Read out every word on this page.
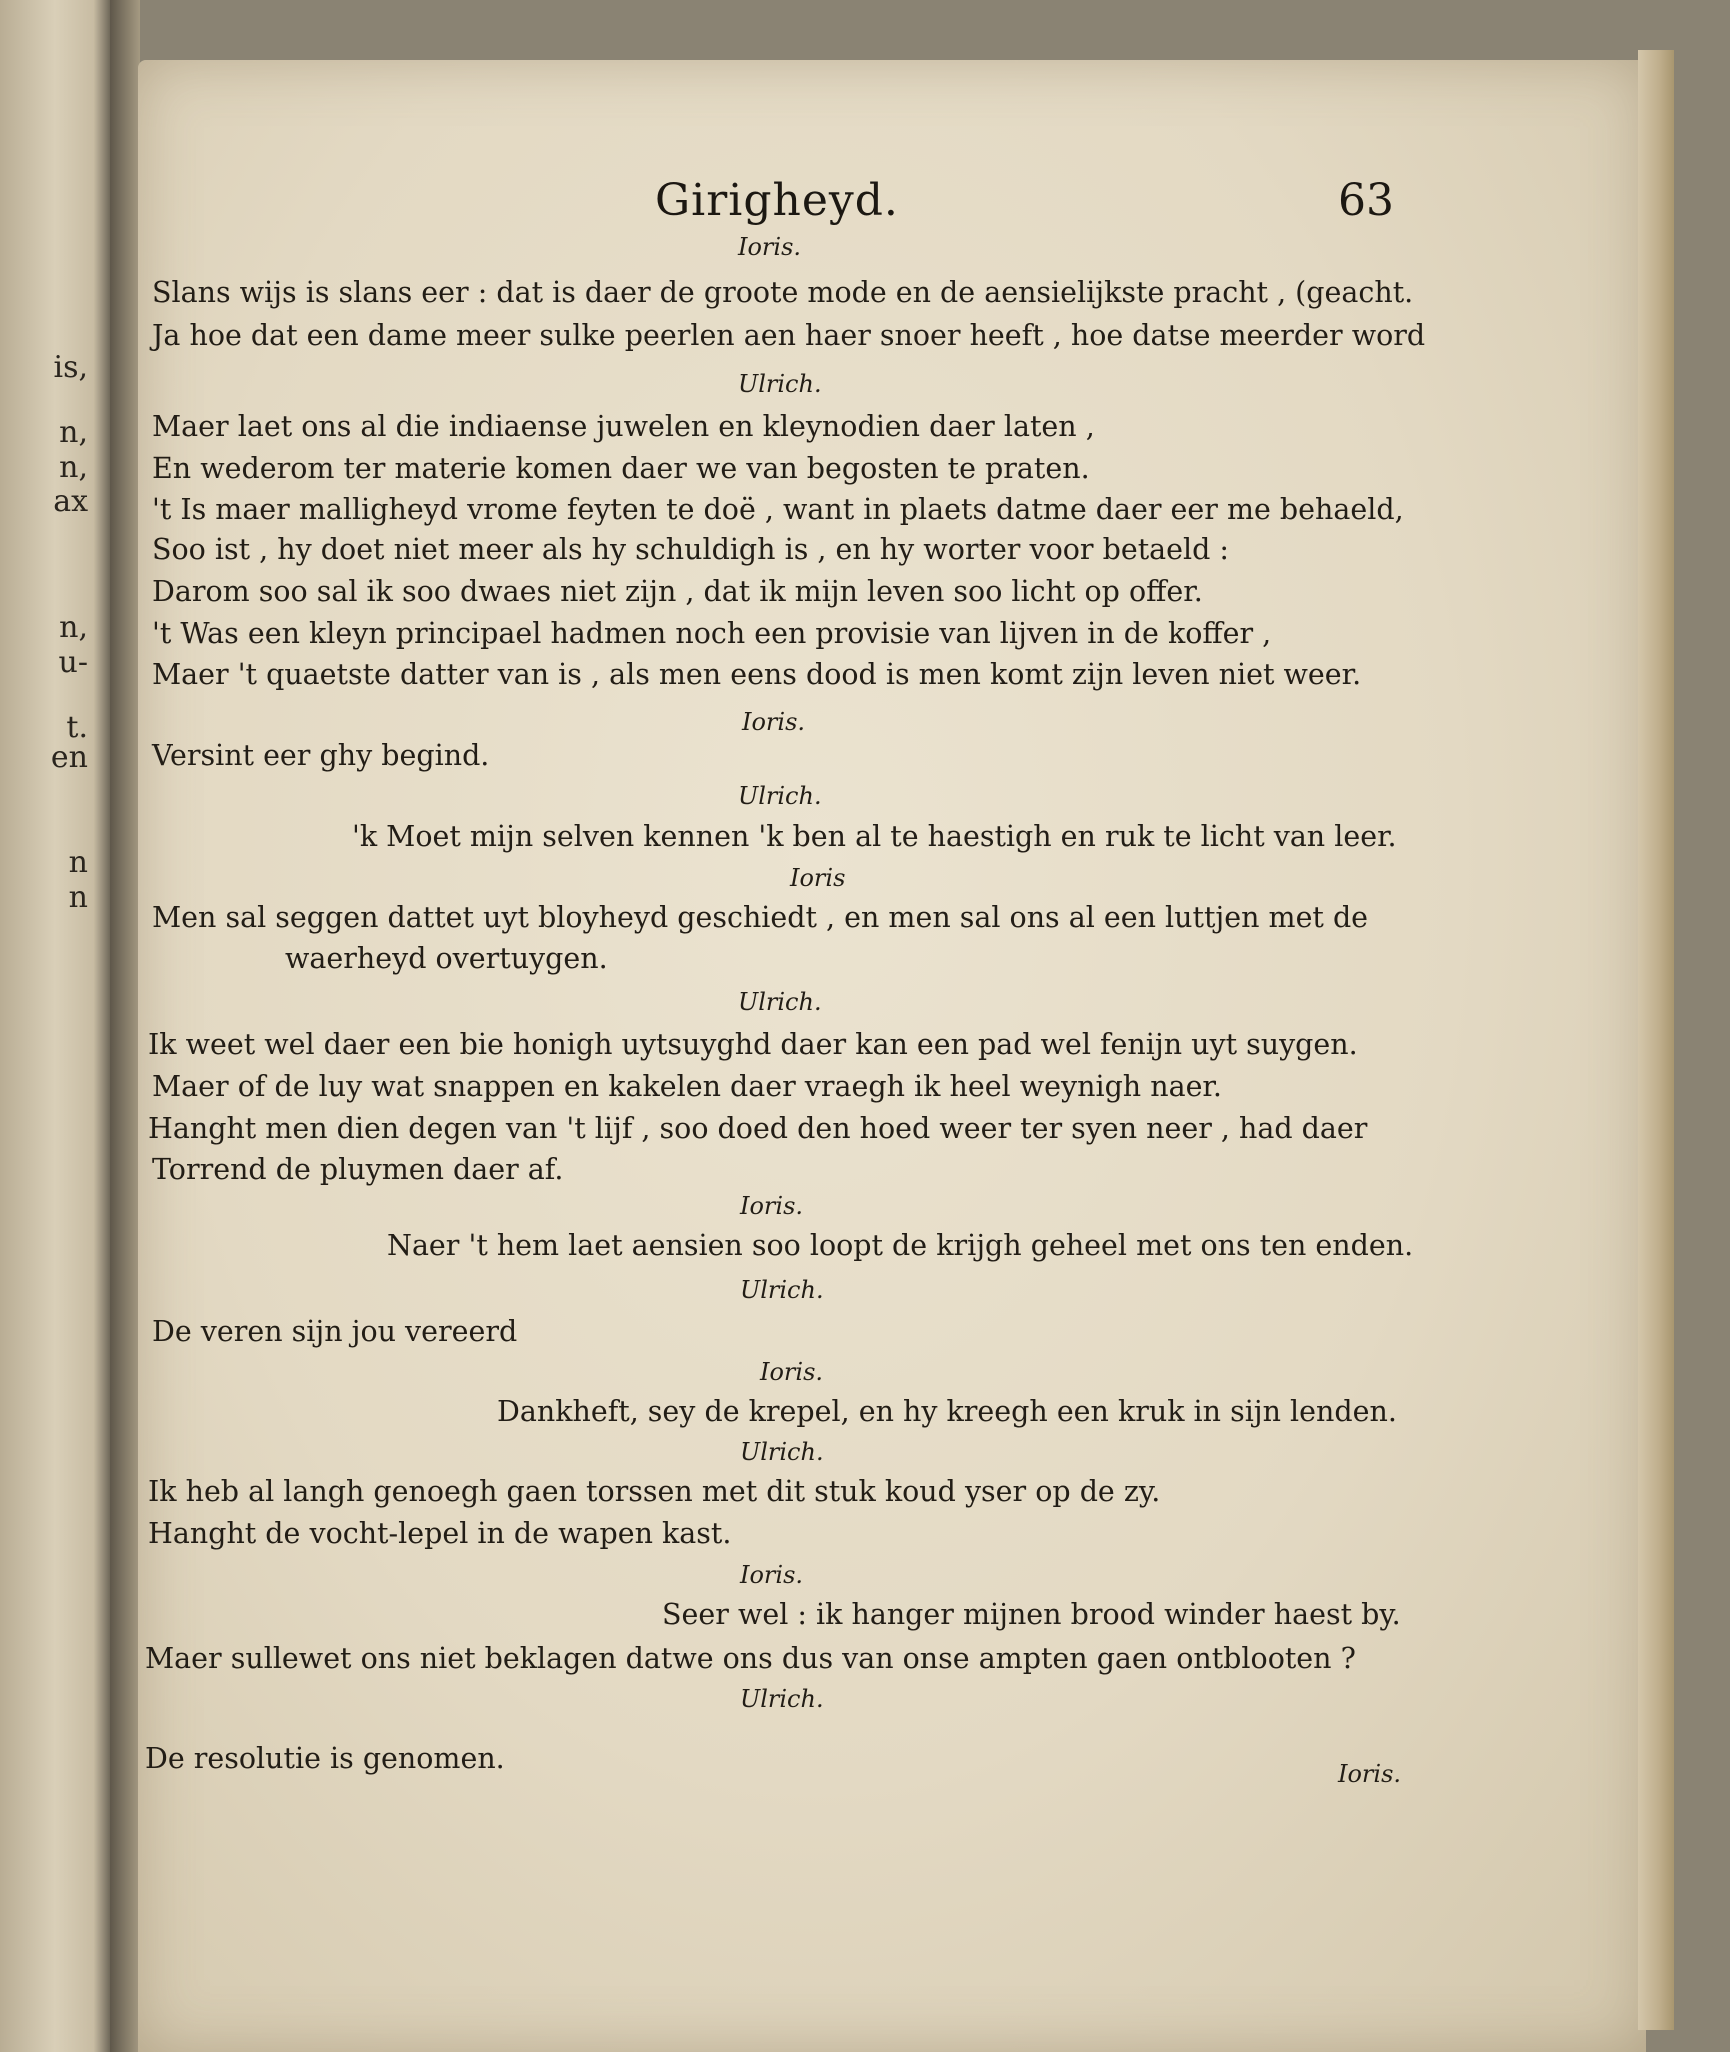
is,
n,
n,
ax
n,
u-
t.
en
n
n
Girigheyd.	63
Ioris.
Slans wijs is slans eer : dat is daer de groote mode en de aensielijkste pracht , (geacht.
Ja hoe dat een dame meer sulke peerlen aen haer snoer heeft , hoe datse meerder word
Ulrich.
Maer laet ons al die indiaense juwelen en kleynodien daer laten ,
En wederom ter materie komen daer we van begosten te praten.
't Is maer malligheyd vrome feyten te doë , want in plaets datme daer eer me behaeld,
Soo ist , hy doet niet meer als hy schuldigh is , en hy worter voor betaeld :
Darom soo sal ik soo dwaes niet zijn , dat ik mijn leven soo licht op offer.
't Was een kleyn principael hadmen noch een provisie van lijven in de koffer ,
Maer 't quaetste datter van is , als men eens dood is men komt zijn leven niet weer.
Ioris.
Versint eer ghy begind.
Ulrich.
'k Moet mijn selven kennen 'k ben al te haestigh en ruk te licht van leer.
Ioris
Men sal seggen dattet uyt bloyheyd geschiedt , en men sal ons al een luttjen met de
waerheyd overtuygen.
Ulrich.
Ik weet wel daer een bie honigh uytsuyghd daer kan een pad wel fenijn uyt suygen.
Maer of de luy wat snappen en kakelen daer vraegh ik heel weynigh naer.
Hanght men dien degen van 't lijf , soo doed den hoed weer ter syen neer , had daer
Torrend de pluymen daer af.
Ioris.
Naer 't hem laet aensien soo loopt de krijgh geheel met ons ten enden.
Ulrich.
De veren sijn jou vereerd
Ioris.
Dankheft, sey de krepel, en hy kreegh een kruk in sijn lenden.
Ulrich.
Ik heb al langh genoegh gaen torssen met dit stuk koud yser op de zy.
Hanght de vocht-lepel in de wapen kast.
Ioris.
Seer wel : ik hanger mijnen brood winder haest by.
Maer sullewet ons niet beklagen datwe ons dus van onse ampten gaen ontblooten ?
Ulrich.
De resolutie is genomen.	Ioris.
